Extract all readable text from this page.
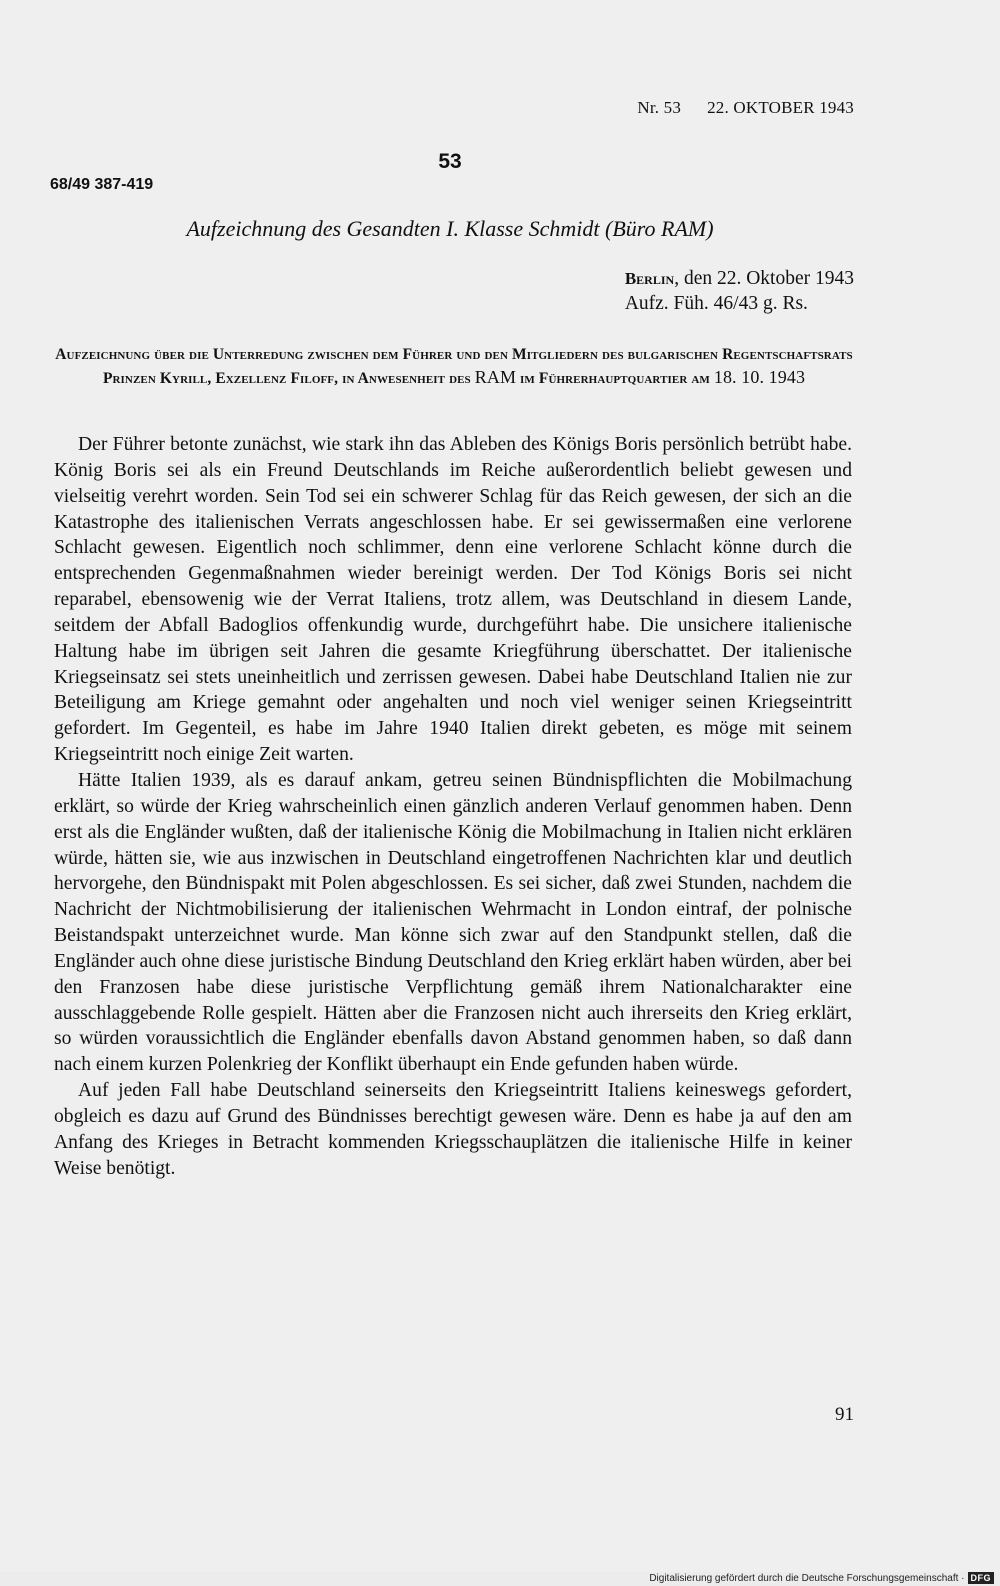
Nr. 53 22. OKTOBER 1943
53
68/49 387-419
Aufzeichnung des Gesandten I. Klasse Schmidt (Büro RAM)
Berlin, den 22. Oktober 1943
Aufz. Füh. 46/43 g. Rs.
Aufzeichnung über die Unterredung zwischen dem Führer und den Mitgliedern des bulgarischen Regentschaftsrats Prinzen Kyrill, Exzellenz Filoff, in Anwesenheit des RAM im Führerhauptquartier am 18. 10. 1943

Der Führer betonte zunächst, wie stark ihn das Ableben des Königs Boris persönlich betrübt habe. König Boris sei als ein Freund Deutschlands im Reiche außerordentlich beliebt gewesen und vielseitig verehrt worden. Sein Tod sei ein schwerer Schlag für das Reich gewesen, der sich an die Katastrophe des italienischen Verrats angeschlossen habe. Er sei gewissermaßen eine verlorene Schlacht gewesen. Eigentlich noch schlimmer, denn eine verlorene Schlacht könne durch die entsprechenden Gegenmaßnahmen wieder bereinigt werden. Der Tod Königs Boris sei nicht reparabel, ebensowenig wie der Verrat Italiens, trotz allem, was Deutschland in diesem Lande, seitdem der Abfall Badoglios offenkundig wurde, durchgeführt habe. Die unsichere italienische Haltung habe im übrigen seit Jahren die gesamte Kriegführung überschattet. Der italienische Kriegseinsatz sei stets uneinheitlich und zerrissen gewesen. Dabei habe Deutschland Italien nie zur Beteiligung am Kriege gemahnt oder angehalten und noch viel weniger seinen Kriegseintritt gefordert. Im Gegenteil, es habe im Jahre 1940 Italien direkt gebeten, es möge mit seinem Kriegseintritt noch einige Zeit warten.

Hätte Italien 1939, als es darauf ankam, getreu seinen Bündnispflichten die Mobilmachung erklärt, so würde der Krieg wahrscheinlich einen gänzlich anderen Verlauf genommen haben. Denn erst als die Engländer wußten, daß der italienische König die Mobilmachung in Italien nicht erklären würde, hätten sie, wie aus inzwischen in Deutschland eingetroffenen Nachrichten klar und deutlich hervorgehe, den Bündnispakt mit Polen abgeschlossen. Es sei sicher, daß zwei Stunden, nachdem die Nachricht der Nichtmobilisierung der italienischen Wehrmacht in London eintraf, der polnische Beistandspakt unterzeichnet wurde. Man könne sich zwar auf den Standpunkt stellen, daß die Engländer auch ohne diese juristische Bindung Deutschland den Krieg erklärt haben würden, aber bei den Franzosen habe diese juristische Verpflichtung gemäß ihrem Nationalcharakter eine ausschlaggebende Rolle gespielt. Hätten aber die Franzosen nicht auch ihrerseits den Krieg erklärt, so würden voraussichtlich die Engländer ebenfalls davon Abstand genommen haben, so daß dann nach einem kurzen Polenkrieg der Konflikt überhaupt ein Ende gefunden haben würde.

Auf jeden Fall habe Deutschland seinerseits den Kriegseintritt Italiens keineswegs gefordert, obgleich es dazu auf Grund des Bündnisses berechtigt gewesen wäre. Denn es habe ja auf den am Anfang des Krieges in Betracht kommenden Kriegsschauplätzen die italienische Hilfe in keiner Weise benötigt.

91
Digitalisierung gefördert durch die Deutsche Forschungsgemeinschaft · DFG
